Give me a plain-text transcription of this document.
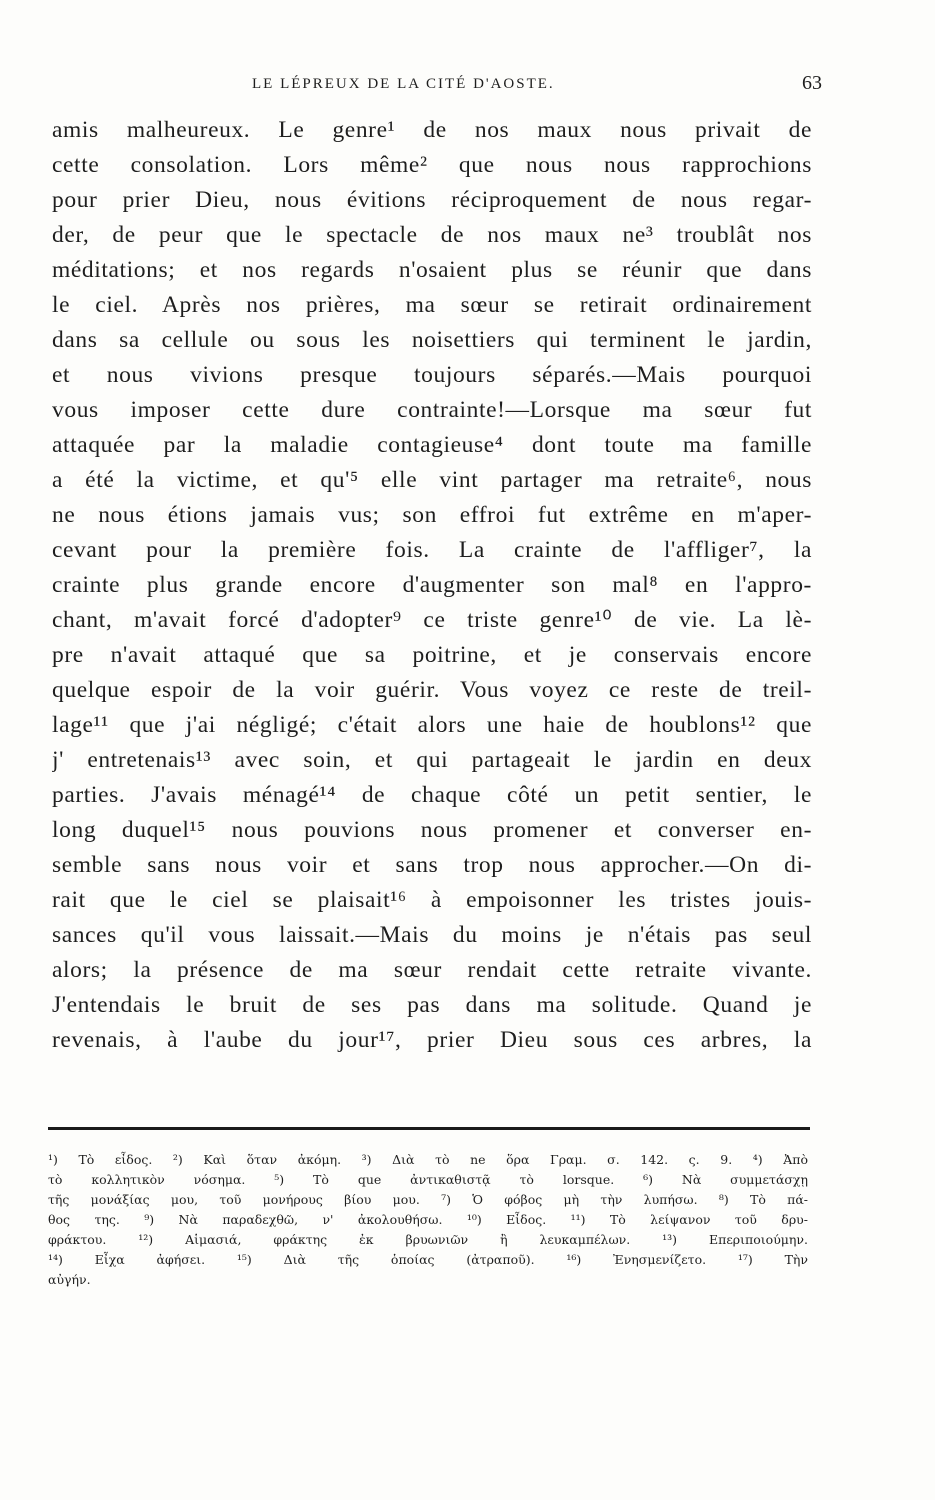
LE LÉPREUX DE LA CITÉ D'AOSTE.	63
amis malheureux. Le genre¹ de nos maux nous privait de
cette consolation. Lors même² que nous nous rapprochions
pour prier Dieu, nous évitions réciproquement de nous regar-
der, de peur que le spectacle de nos maux ne³ troublât nos
méditations; et nos regards n'osaient plus se réunir que dans
le ciel. Après nos prières, ma sœur se retirait ordinairement
dans sa cellule ou sous les noisettiers qui terminent le jardin,
et nous vivions presque toujours séparés.—Mais pourquoi
vous imposer cette dure contrainte!—Lorsque ma sœur fut
attaquée par la maladie contagieuse⁴ dont toute ma famille
a été la victime, et qu'⁵ elle vint partager ma retraite⁶, nous
ne nous étions jamais vus; son effroi fut extrême en m'aper-
cevant pour la première fois. La crainte de l'affliger⁷, la
crainte plus grande encore d'augmenter son mal⁸ en l'appro-
chant, m'avait forcé d'adopter⁹ ce triste genre¹⁰ de vie. La lè-
pre n'avait attaqué que sa poitrine, et je conservais encore
quelque espoir de la voir guérir. Vous voyez ce reste de treil-
lage¹¹ que j'ai négligé; c'était alors une haie de houblons¹² que
j' entretenais¹³ avec soin, et qui partageait le jardin en deux
parties. J'avais ménagé¹⁴ de chaque côté un petit sentier, le
long duquel¹⁵ nous pouvions nous promener et converser en-
semble sans nous voir et sans trop nous approcher.—On di-
rait que le ciel se plaisait¹⁶ à empoisonner les tristes jouis-
sances qu'il vous laissait.—Mais du moins je n'étais pas seul
alors; la présence de ma sœur rendait cette retraite vivante.
J'entendais le bruit de ses pas dans ma solitude. Quand je
revenais, à l'aube du jour¹⁷, prier Dieu sous ces arbres, la
¹) Τὸ εἶδος. ²) Καὶ ὅταν ἀκόμη. ³) Διὰ τὸ ne ὅρα Γραμ. σ. 142. ς. 9. ⁴) Ἀπὸ
τὸ κολλητικὸν νόσημα. ⁵) Τὸ que ἀντικαθιστᾷ τὸ lorsque. ⁶) Νὰ συμμετάσχῃ
τῆς μονάξίας μου, τοῦ μονήρους βίου μου. ⁷) Ὁ φόβος μὴ τὴν λυπήσω. ⁸) Τὸ πά-
θος της. ⁹) Νὰ παραδεχθῶ, ν' ἀκολουθήσω. ¹⁰) Εἶδος. ¹¹) Τὸ λείψανον τοῦ δρυ-
φράκτου. ¹²) Αἱμασιά, φράκτης ἐκ βρυωνιῶν ἢ λευκαμπέλων. ¹³) Επεριποιούμην.
¹⁴) Εἶχα ἀφήσει. ¹⁵) Διὰ τῆς ὁποίας (ἀτραποῦ). ¹⁶) Ἐνησμενίζετο. ¹⁷) Τὴν
αὐγήν.
